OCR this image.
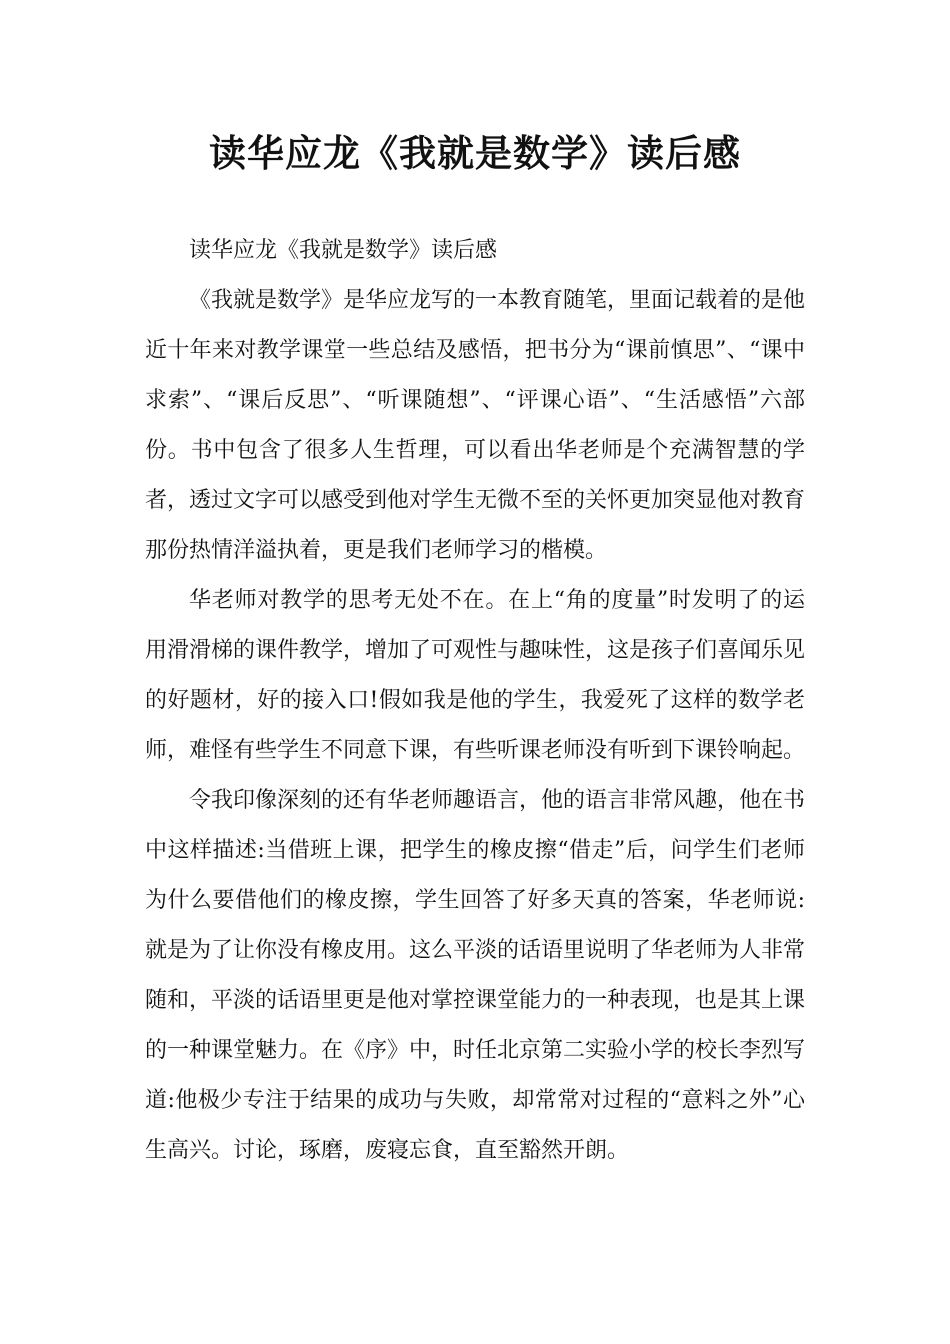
读华应龙《我就是数学》读后感

读华应龙《我就是数学》读后感

《我就是数学》是华应龙写的一本教育随笔，里面记载着的是他近十年来对教学课堂一些总结及感悟，把书分为“课前慎思”、“课中求索”、“课后反思”、“听课随想”、“评课心语”、“生活感悟”六部份。书中包含了很多人生哲理，可以看出华老师是个充满智慧的学者，透过文字可以感受到他对学生无微不至的关怀更加突显他对教育那份热情洋溢执着，更是我们老师学习的楷模。

华老师对教学的思考无处不在。在上“角的度量”时发明了的运用滑滑梯的课件教学，增加了可观性与趣味性，这是孩子们喜闻乐见的好题材，好的接入口!假如我是他的学生，我爱死了这样的数学老师，难怪有些学生不同意下课，有些听课老师没有听到下课铃响起。

令我印像深刻的还有华老师趣语言，他的语言非常风趣，他在书中这样描述:当借班上课，把学生的橡皮擦“借走”后，问学生们老师为什么要借他们的橡皮擦，学生回答了好多天真的答案，华老师说:就是为了让你没有橡皮用。这么平淡的话语里说明了华老师为人非常随和，平淡的话语里更是他对掌控课堂能力的一种表现，也是其上课的一种课堂魅力。在《序》中，时任北京第二实验小学的校长李烈写道:他极少专注于结果的成功与失败，却常常对过程的“意料之外”心生高兴。讨论，琢磨，废寝忘食，直至豁然开朗。
